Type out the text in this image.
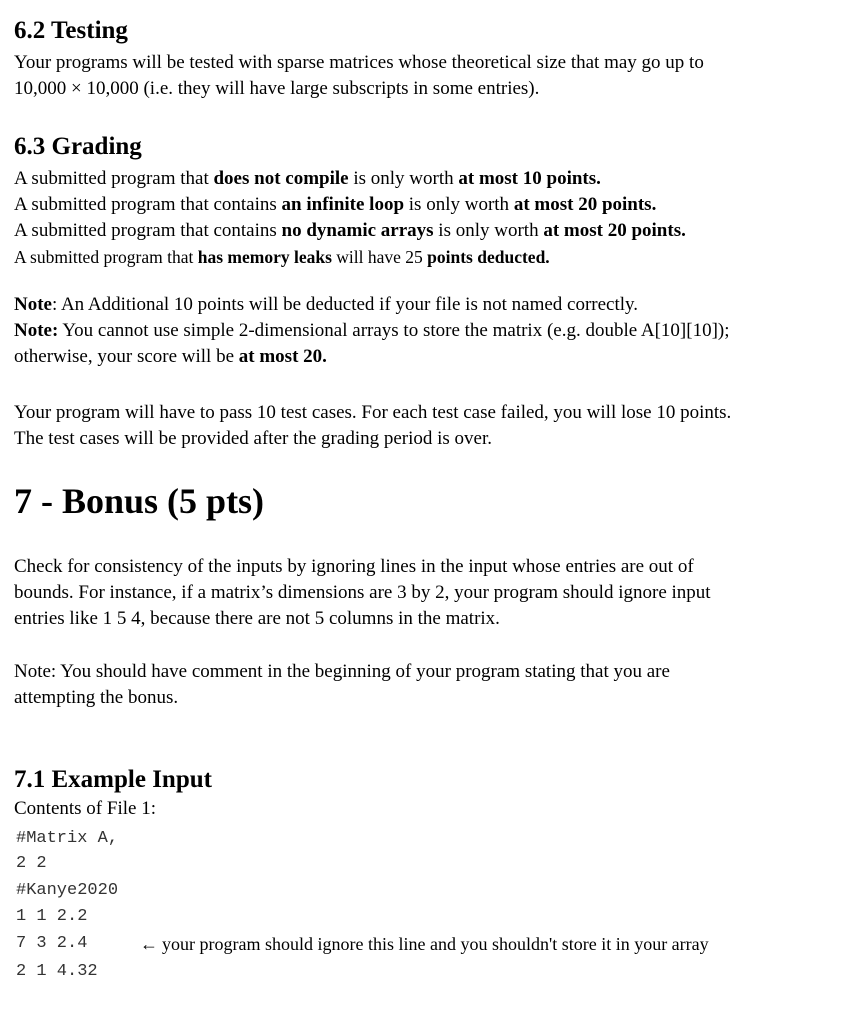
6.2 Testing
Your programs will be tested with sparse matrices whose theoretical size that may go up to
10,000 × 10,000 (i.e. they will have large subscripts in some entries).
6.3 Grading
A submitted program that does not compile is only worth at most 10 points.
A submitted program that contains an infinite loop is only worth at most 20 points.
A submitted program that contains no dynamic arrays is only worth at most 20 points.
A submitted program that has memory leaks will have 25 points deducted.
Note: An Additional 10 points will be deducted if your file is not named correctly.
Note: You cannot use simple 2-dimensional arrays to store the matrix (e.g. double A[10][10]);
otherwise, your score will be at most 20.
Your program will have to pass 10 test cases. For each test case failed, you will lose 10 points.
The test cases will be provided after the grading period is over.
7 - Bonus (5 pts)
Check for consistency of the inputs by ignoring lines in the input whose entries are out of
bounds. For instance, if a matrix’s dimensions are 3 by 2, your program should ignore input
entries like 1 5 4, because there are not 5 columns in the matrix.
Note: You should have comment in the beginning of your program stating that you are
attempting the bonus.
7.1 Example Input
Contents of File 1:
#Matrix A,
2 2
#Kanye2020
1 1 2.2
7 3 2.4
2 1 4.32
← your program should ignore this line and you shouldn't store it in your array
